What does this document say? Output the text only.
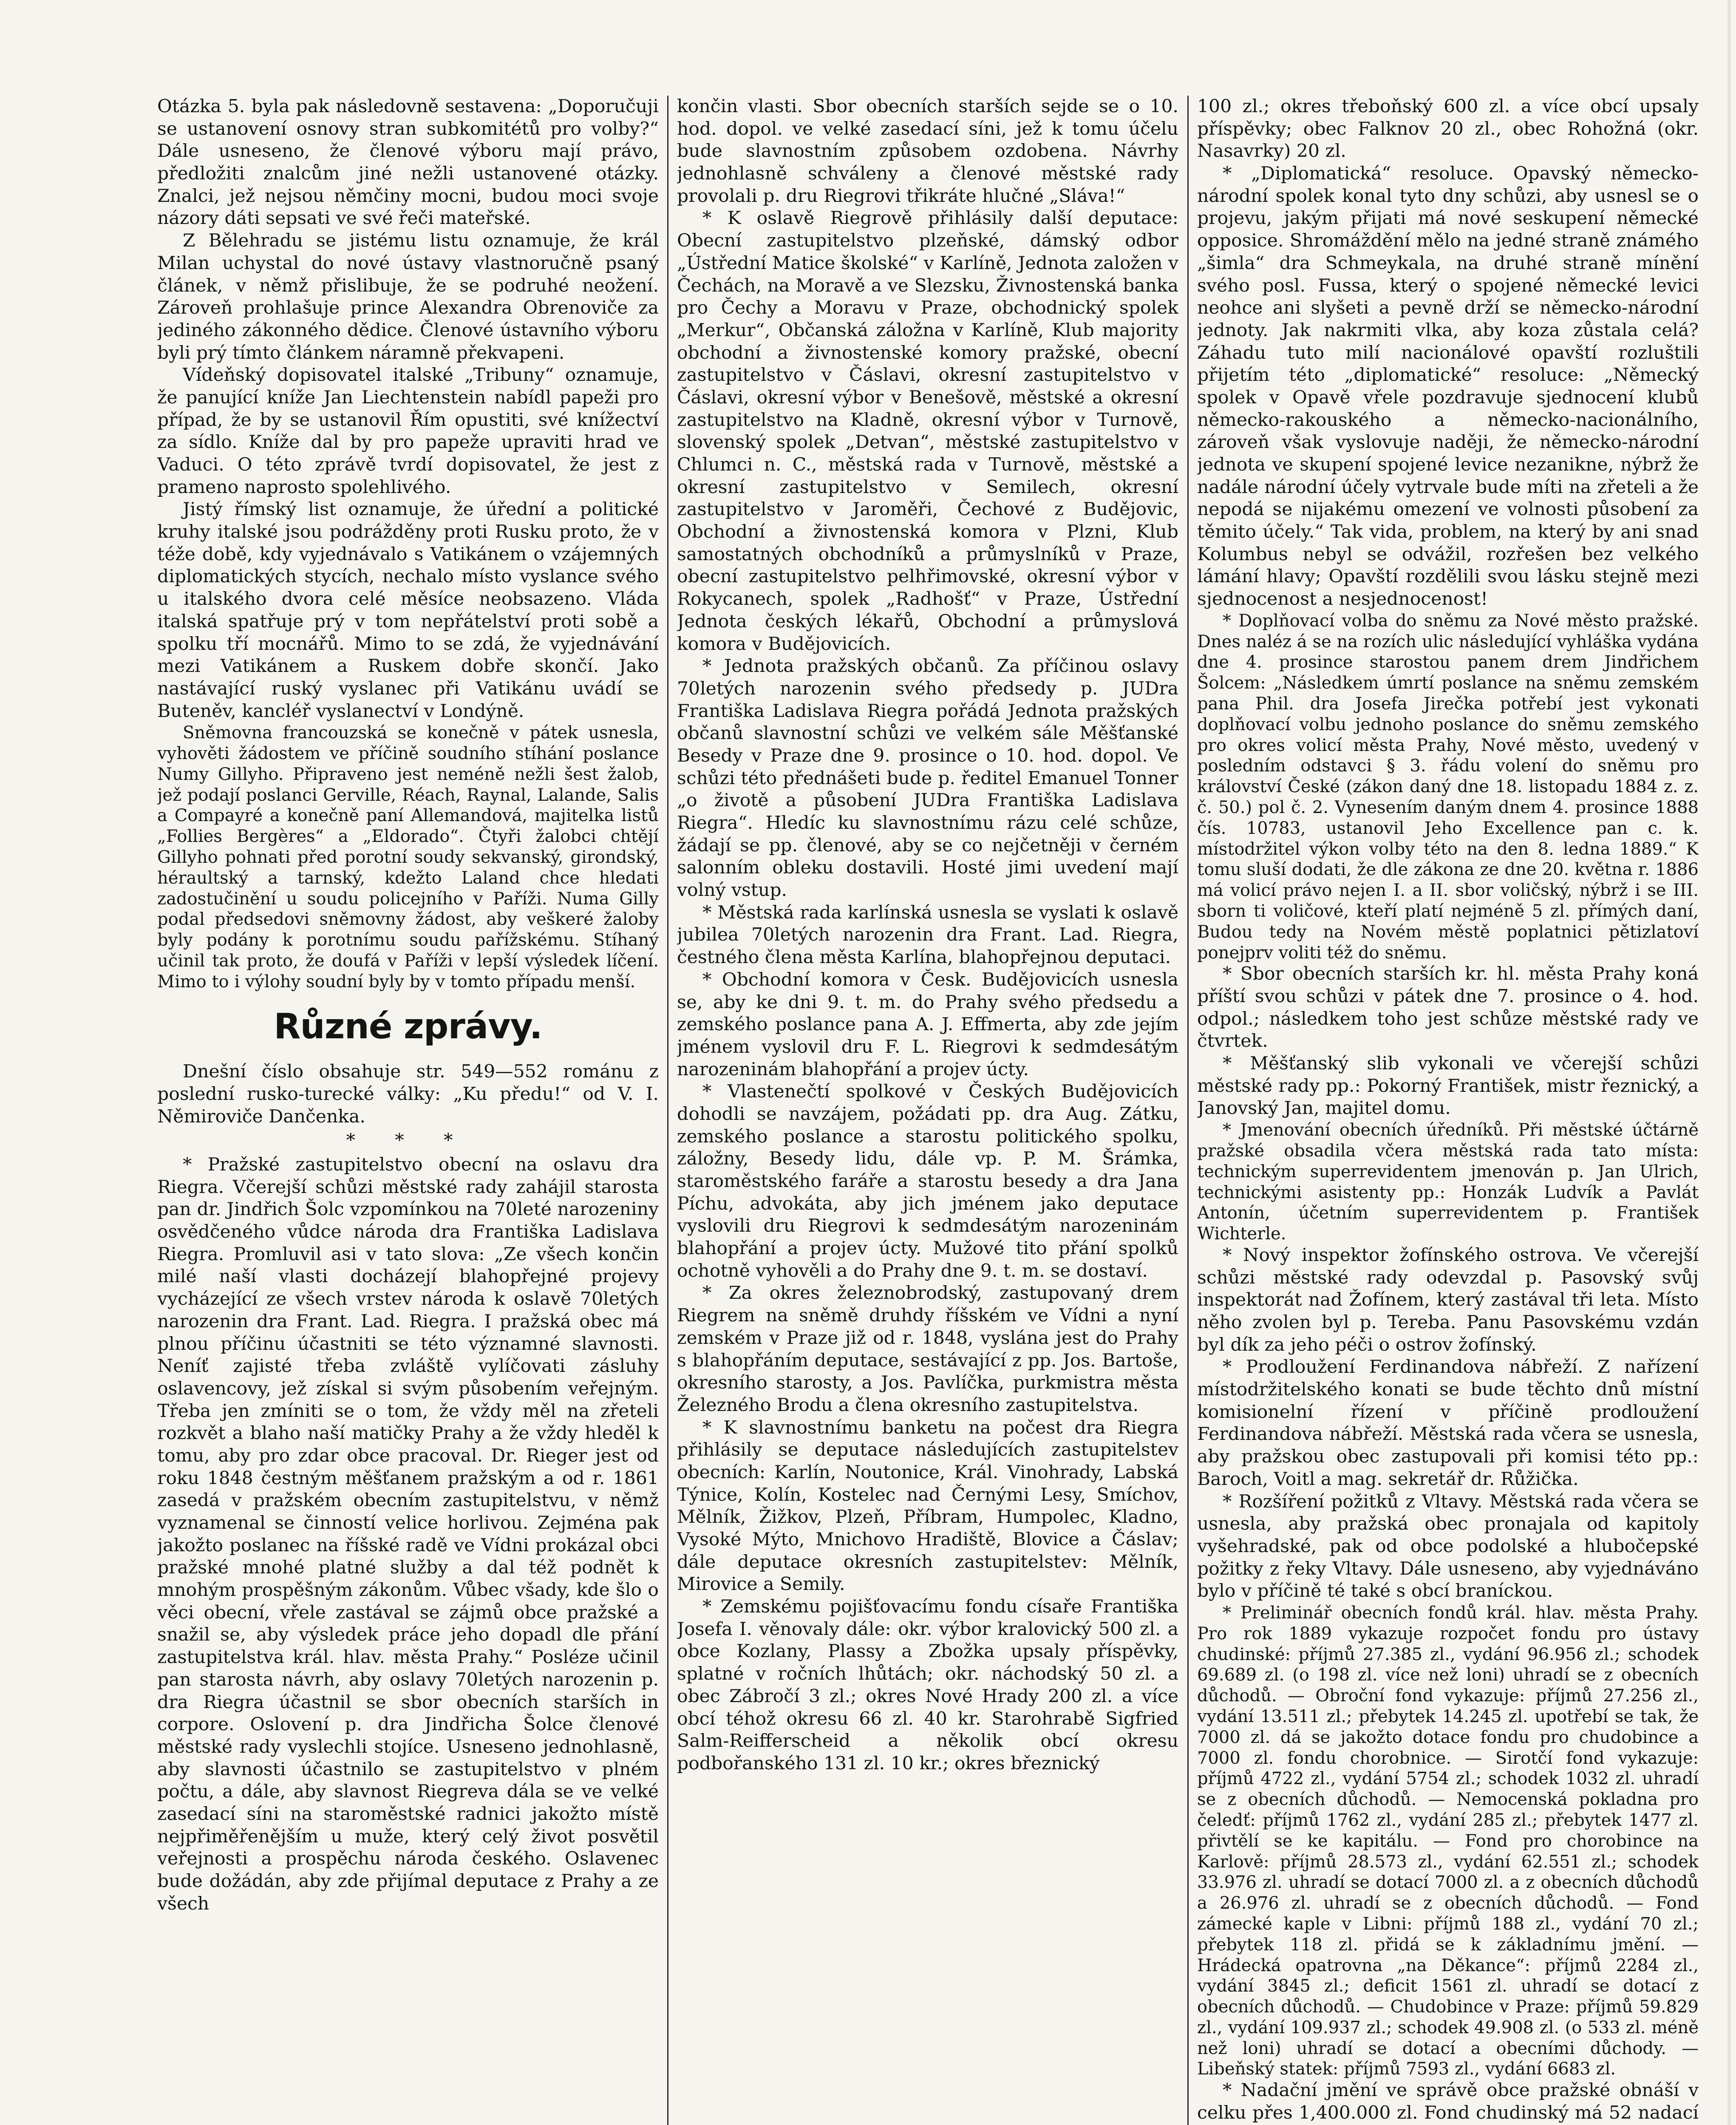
Otázka 5. byla pak následovně sestavena: „Doporučuji se ustanovení osnovy stran subkomitétů pro volby?“ Dále usneseno, že členové výboru mají právo, předložiti znalcům jiné nežli ustanovené otázky. Znalci, jež nejsou němčiny mocni, budou moci svoje názory dáti sepsati ve své řeči mateřské.

Z Bělehradu se jistému listu oznamuje, že král Milan uchystal do nové ústavy vlastnoručně psaný článek, v němž přislibuje, že se podruhé neožení. Zároveň prohlašuje prince Alexandra Obrenoviče za jediného zákonného dědice. Členové ústavního výboru byli prý tímto článkem náramně překvapeni.

Vídeňský dopisovatel italské „Tribuny“ oznamuje, že panující kníže Jan Liechtenstein nabídl papeži pro případ, že by se ustanovil Řím opustiti, své knížectví za sídlo. Kníže dal by pro papeže upraviti hrad ve Vaduci. O této zprávě tvrdí dopisovatel, že jest z prameno naprosto spolehlivého.

Jistý římský list oznamuje, že úřední a politické kruhy italské jsou podrážděny proti Rusku proto, že v téže době, kdy vyjednávalo s Vatikánem o vzájemných diplomatických stycích, nechalo místo vyslance svého u italského dvora celé měsíce neobsazeno. Vláda italská spatřuje prý v tom nepřátelství proti sobě a spolku tří mocnářů. Mimo to se zdá, že vyjednávání mezi Vatikánem a Ruskem dobře skončí. Jako nastávající ruský vyslanec při Vatikánu uvádí se Buteněv, kancléř vyslanectví v Londýně.

Sněmovna francouzská se konečně v pátek usnesla, vyhověti žádostem ve příčině soudního stíhání poslance Numy Gillyho. Připraveno jest neméně nežli šest žalob, jež podají poslanci Gerville, Réach, Raynal, Lalande, Salis a Compayré a konečně paní Allemandová, majitelka listů „Follies Bergères“ a „Eldorado“. Čtyři žalobci chtějí Gillyho pohnati před porotní soudy sekvanský, girondský, héraultský a tarnský, kdežto Laland chce hledati zadostučinění u soudu policejního v Paříži. Numa Gilly podal předsedovi sněmovny žádost, aby veškeré žaloby byly podány k porotnímu soudu pařížskému. Stíhaný učinil tak proto, že doufá v Paříži v lepší výsledek líčení. Mimo to i výlohy soudní byly by v tomto případu menší.

Různé zprávy.

Dnešní číslo obsahuje str. 549—552 románu z poslední rusko-turecké války: „Ku předu!“ od V. I. Němiroviče Dančenka.

* * *

* Pražské zastupitelstvo obecní na oslavu dra Riegra. Včerejší schůzi městské rady zahájil starosta pan dr. Jindřich Šolc vzpomínkou na 70leté narozeniny osvědčeného vůdce národa dra Františka Ladislava Riegra. Promluvil asi v tato slova: „Ze všech končin milé naší vlasti docházejí blahopřejné projevy vycházející ze všech vrstev národa k oslavě 70letých narozenin dra Frant. Lad. Riegra. I pražská obec má plnou příčinu účastniti se této významné slavnosti. Neníť zajisté třeba zvláště vylíčovati zásluhy oslavencovy, jež získal si svým působením veřejným. Třeba jen zmíniti se o tom, že vždy měl na zřeteli rozkvět a blaho naší matičky Prahy a že vždy hleděl k tomu, aby pro zdar obce pracoval. Dr. Rieger jest od roku 1848 čestným měšťanem pražským a od r. 1861 zasedá v pražském obecním zastupitelstvu, v němž vyznamenal se činností velice horlivou. Zejména pak jakožto poslanec na říšské radě ve Vídni prokázal obci pražské mnohé platné služby a dal též podnět k mnohým prospěšným zákonům. Vůbec všady, kde šlo o věci obecní, vřele zastával se zájmů obce pražské a snažil se, aby výsledek práce jeho dopadl dle přání zastupitelstva král. hlav. města Prahy.“ Posléze učinil pan starosta návrh, aby oslavy 70letých narozenin p. dra Riegra účastnil se sbor obecních starších in corpore. Oslovení p. dra Jindřicha Šolce členové městské rady vyslechli stojíce. Usneseno jednohlasně, aby slavnosti účastnilo se zastupitelstvo v plném počtu, a dále, aby slavnost Riegreva dála se ve velké zasedací síni na staroměstské radnici jakožto místě nejpřiměřenějším u muže, který celý život posvětil veřejnosti a prospěchu národa českého. Oslavenec bude dožádán, aby zde přijímal deputace z Prahy a ze všech

končin vlasti. Sbor obecních starších sejde se o 10. hod. dopol. ve velké zasedací síni, jež k tomu účelu bude slavnostním způsobem ozdobena. Návrhy jednohlasně schváleny a členové městské rady provolali p. dru Riegrovi třikráte hlučné „Sláva!“

* K oslavě Riegrově přihlásily další deputace: Obecní zastupitelstvo plzeňské, dámský odbor „Ústřední Matice školské“ v Karlíně, Jednota založen v Čechách, na Moravě a ve Slezsku, Živnostenská banka pro Čechy a Moravu v Praze, obchodnický spolek „Merkur“, Občanská záložna v Karlíně, Klub majority obchodní a živnostenské komory pražské, obecní zastupitelstvo v Čáslavi, okresní zastupitelstvo v Čáslavi, okresní výbor v Benešově, městské a okresní zastupitelstvo na Kladně, okresní výbor v Turnově, slovenský spolek „Detvan“, městské zastupitelstvo v Chlumci n. C., městská rada v Turnově, městské a okresní zastupitelstvo v Semilech, okresní zastupitelstvo v Jaroměři, Čechové z Budějovic, Obchodní a živnostenská komora v Plzni, Klub samostatných obchodníků a průmyslníků v Praze, obecní zastupitelstvo pelhřimovské, okresní výbor v Rokycanech, spolek „Radhošť“ v Praze, Ústřední Jednota českých lékařů, Obchodní a průmyslová komora v Budějovicích.

* Jednota pražských občanů. Za příčinou oslavy 70letých narozenin svého předsedy p. JUDra Františka Ladislava Riegra pořádá Jednota pražských občanů slavnostní schůzi ve velkém sále Měšťanské Besedy v Praze dne 9. prosince o 10. hod. dopol. Ve schůzi této přednášeti bude p. ředitel Emanuel Tonner „o životě a působení JUDra Františka Ladislava Riegra“. Hledíc ku slavnostnímu rázu celé schůze, žádají se pp. členové, aby se co nejčetněji v černém salonním obleku dostavili. Hosté jimi uvedení mají volný vstup.

* Městská rada karlínská usnesla se vyslati k oslavě jubilea 70letých narozenin dra Frant. Lad. Riegra, čestného člena města Karlína, blahopřejnou deputaci.

* Obchodní komora v Česk. Budějovicích usnesla se, aby ke dni 9. t. m. do Prahy svého předsedu a zemského poslance pana A. J. Effmerta, aby zde jejím jménem vyslovil dru F. L. Riegrovi k sedmdesátým narozeninám blahopřání a projev úcty.

* Vlastenečtí spolkové v Českých Budějovicích dohodli se navzájem, požádati pp. dra Aug. Zátku, zemského poslance a starostu politického spolku, záložny, Besedy lidu, dále vp. P. M. Šrámka, staroměstského faráře a starostu besedy a dra Jana Píchu, advokáta, aby jich jménem jako deputace vyslovili dru Riegrovi k sedmdesátým narozeninám blahopřání a projev úcty. Mužové tito přání spolků ochotně vyhověli a do Prahy dne 9. t. m. se dostaví.

* Za okres železnobrodský, zastupovaný drem Riegrem na sněmě druhdy říšském ve Vídni a nyní zemském v Praze již od r. 1848, vyslána jest do Prahy s blahopřáním deputace, sestávající z pp. Jos. Bartoše, okresního starosty, a Jos. Pavlíčka, purkmistra města Železného Brodu a člena okresního zastupitelstva.

* K slavnostnímu banketu na počest dra Riegra přihlásily se deputace následujících zastupitelstev obecních: Karlín, Noutonice, Král. Vinohrady, Labská Týnice, Kolín, Kostelec nad Černými Lesy, Smíchov, Mělník, Žižkov, Plzeň, Příbram, Humpolec, Kladno, Vysoké Mýto, Mnichovo Hradiště, Blovice a Čáslav; dále deputace okresních zastupitelstev: Mělník, Mirovice a Semily.

* Zemskému pojišťovacímu fondu císaře Františka Josefa I. věnovaly dále: okr. výbor kralovický 500 zl. a obce Kozlany, Plassy a Zbožka upsaly příspěvky, splatné v ročních lhůtách; okr. náchodský 50 zl. a obec Zábročí 3 zl.; okres Nové Hrady 200 zl. a více obcí téhož okresu 66 zl. 40 kr. Starohrabě Sigfried Salm-Reifferscheid a několik obcí okresu podbořanského 131 zl. 10 kr.; okres březnický

100 zl.; okres třeboňský 600 zl. a více obcí upsaly příspěvky; obec Falknov 20 zl., obec Rohožná (okr. Nasavrky) 20 zl.

* „Diplomatická“ resoluce. Opavský německo-národní spolek konal tyto dny schůzi, aby usnesl se o projevu, jakým přijati má nové seskupení německé opposice. Shromáždění mělo na jedné straně známého „šimla“ dra Schmeykala, na druhé straně mínění svého posl. Fussa, který o spojené německé levici neohce ani slyšeti a pevně drží se německo-národní jednoty. Jak nakrmiti vlka, aby koza zůstala celá? Záhadu tuto milí nacionálové opavští rozluštili přijetím této „diplomatické“ resoluce: „Německý spolek v Opavě vřele pozdravuje sjednocení klubů německo-rakouského a německo-nacionálního, zároveň však vyslovuje naději, že německo-národní jednota ve skupení spojené levice nezanikne, nýbrž že nadále národní účely vytrvale bude míti na zřeteli a že nepodá se nijakému omezení ve volnosti působení za těmito účely.“ Tak vida, problem, na který by ani snad Kolumbus nebyl se odvážil, rozřešen bez velkého lámání hlavy; Opavští rozdělili svou lásku stejně mezi sjednocenost a nesjednocenost!

* Doplňovací volba do sněmu za Nové město pražské. Dnes naléz á se na rozích ulic následující vyhláška vydána dne 4. prosince starostou panem drem Jindřichem Šolcem: „Následkem úmrtí poslance na sněmu zemském pana Phil. dra Josefa Jirečka potřebí jest vykonati doplňovací volbu jednoho poslance do sněmu zemského pro okres volicí města Prahy, Nové město, uvedený v posledním odstavci § 3. řádu volení do sněmu pro království České (zákon daný dne 18. listopadu 1884 z. z. č. 50.) pol č. 2. Vynesením daným dnem 4. prosince 1888 čís. 10783, ustanovil Jeho Excellence pan c. k. místodržitel výkon volby této na den 8. ledna 1889.“ K tomu sluší dodati, že dle zákona ze dne 20. května r. 1886 má volicí právo nejen I. a II. sbor voličský, nýbrž i se III. sborn ti voličové, kteří platí nejméně 5 zl. přímých daní, Budou tedy na Novém městě poplatnici pětizlatoví ponejprv voliti též do sněmu.

* Sbor obecních starších kr. hl. města Prahy koná příští svou schůzi v pátek dne 7. prosince o 4. hod. odpol.; následkem toho jest schůze městské rady ve čtvrtek.

* Měšťanský slib vykonali ve včerejší schůzi městské rady pp.: Pokorný František, mistr řeznický, a Janovský Jan, majitel domu.

* Jmenování obecních úředníků. Při městské účtárně pražské obsadila včera městská rada tato místa: technickým superrevidentem jmenován p. Jan Ulrich, technickými asistenty pp.: Honzák Ludvík a Pavlát Antonín, účetním superrevidentem p. František Wichterle.

* Nový inspektor žofínského ostrova. Ve včerejší schůzi městské rady odevzdal p. Pasovský svůj inspektorát nad Žofínem, který zastával tři leta. Místo něho zvolen byl p. Tereba. Panu Pasovskému vzdán byl dík za jeho péči o ostrov žofínský.

* Prodloužení Ferdinandova nábřeží. Z nařízení místodržitelského konati se bude těchto dnů místní komisionelní řízení v příčině prodloužení Ferdinandova nábřeží. Městská rada včera se usnesla, aby pražskou obec zastupovali při komisi této pp.: Baroch, Voitl a mag. sekretář dr. Růžička.

* Rozšíření požitků z Vltavy. Městská rada včera se usnesla, aby pražská obec pronajala od kapitoly vyšehradské, pak od obce podolské a hlubočepské požitky z řeky Vltavy. Dále usneseno, aby vyjednáváno bylo v příčině té také s obcí braníckou.

* Preliminář obecních fondů král. hlav. města Prahy. Pro rok 1889 vykazuje rozpočet fondu pro ústavy chudinské: příjmů 27.385 zl., vydání 96.956 zl.; schodek 69.689 zl. (o 198 zl. více než loni) uhradí se z obecních důchodů. — Obroční fond vykazuje: příjmů 27.256 zl., vydání 13.511 zl.; přebytek 14.245 zl. upotřebí se tak, že 7000 zl. dá se jakožto dotace fondu pro chudobince a 7000 zl. fondu chorobnice. — Sirotčí fond vykazuje: příjmů 4722 zl., vydání 5754 zl.; schodek 1032 zl. uhradí se z obecních důchodů. — Nemocenská pokladna pro čeledť: příjmů 1762 zl., vydání 285 zl.; přebytek 1477 zl. přivtělí se ke kapitálu. — Fond pro chorobince na Karlově: příjmů 28.573 zl., vydání 62.551 zl.; schodek 33.976 zl. uhradí se dotací 7000 zl. a z obecních důchodů a 26.976 zl. uhradí se z obecních důchodů. — Fond zámecké kaple v Libni: příjmů 188 zl., vydání 70 zl.; přebytek 118 zl. přidá se k základnímu jmění. — Hrádecká opatrovna „na Děkance“: příjmů 2284 zl., vydání 3845 zl.; deficit 1561 zl. uhradí se dotací z obecních důchodů. — Chudobince v Praze: příjmů 59.829 zl., vydání 109.937 zl.; schodek 49.908 zl. (o 533 zl. méně než loni) uhradí se dotací a obecními důchody. — Libeňský statek: příjmů 7593 zl., vydání 6683 zl.

* Nadační jmění ve správě obce pražské obnáší v celku přes 1,400.000 zl. Fond chudinský má 52 nadací
